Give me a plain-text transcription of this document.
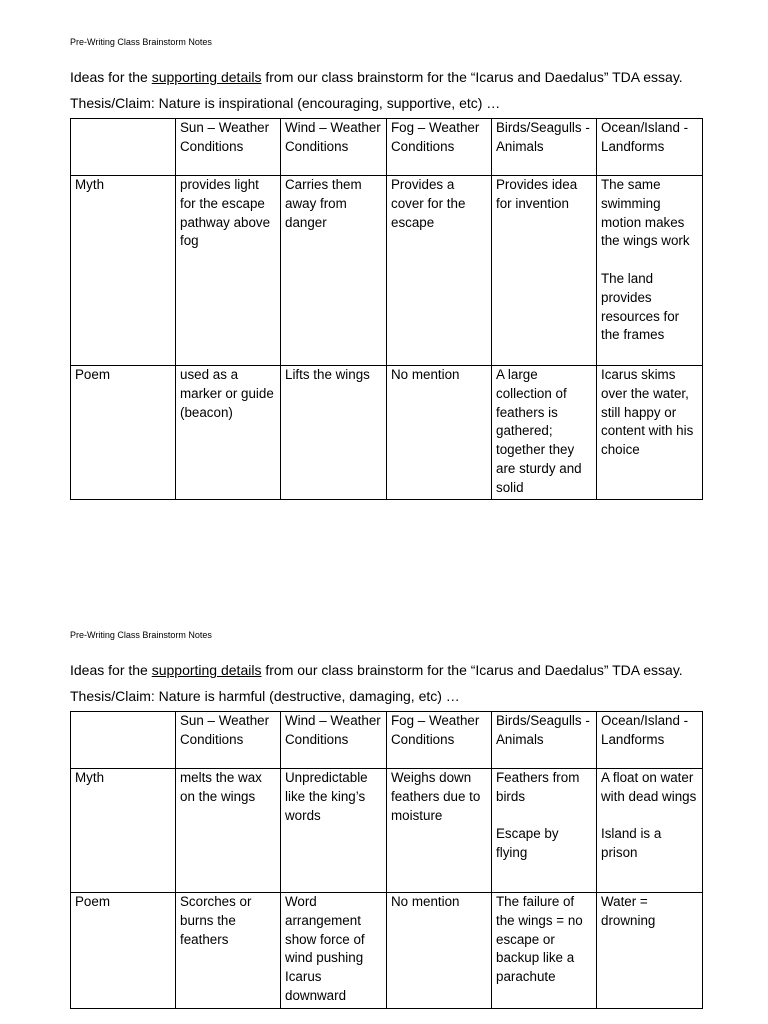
Pre-Writing Class Brainstorm Notes
Ideas for the supporting details from our class brainstorm for the “Icarus and Daedalus” TDA essay.
Thesis/Claim: Nature is inspirational (encouraging, supportive, etc) …
	Sun – Weather Conditions	Wind – Weather Conditions	Fog – Weather Conditions	Birds/Seagulls - Animals	Ocean/Island - Landforms
Myth	provides light for the escape pathway above fog	Carries them away from danger	Provides a cover for the escape	Provides idea for invention	The same swimming motion makes the wings work
The land provides resources for the frames

Poem	used as a marker or guide (beacon)	Lifts the wings	No mention	A large collection of feathers is gathered; together they are sturdy and solid	Icarus skims over the water, still happy or content with his choice
Pre-Writing Class Brainstorm Notes
Ideas for the supporting details from our class brainstorm for the “Icarus and Daedalus” TDA essay.
Thesis/Claim: Nature is harmful (destructive, damaging, etc) …
	Sun – Weather Conditions	Wind – Weather Conditions	Fog – Weather Conditions	Birds/Seagulls - Animals	Ocean/Island - Landforms
Myth	melts the wax on the wings	Unpredictable like the king’s words	Weighs down feathers due to moisture	Feathers from birds
Escape by flying	A float on water with dead wings
Island is a prison

Poem	Scorches or burns the feathers	Word arrangement show force of wind pushing Icarus downward	No mention	The failure of the wings = no escape or backup like a parachute	Water = drowning
